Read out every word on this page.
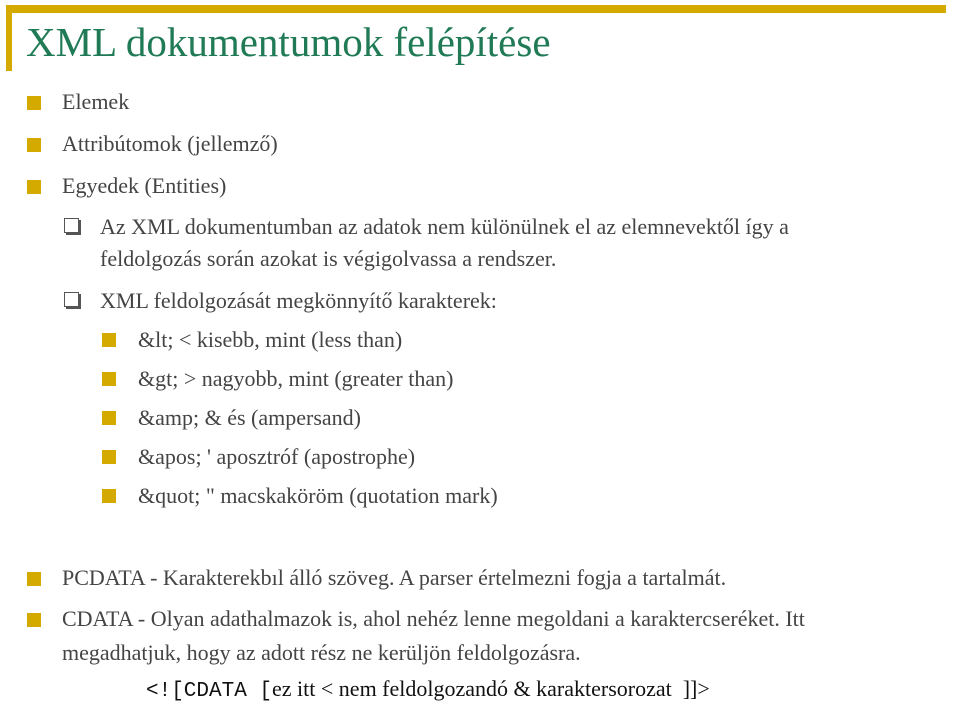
XML dokumentumok felépítése
Elemek
Attribútomok (jellemző)
Egyedek (Entities)
Az XML dokumentumban az adatok nem különülnek el az elemnevektől így a
feldolgozás során azokat is végigolvassa a rendszer.
XML feldolgozását megkönnyítő karakterek:
&lt; < kisebb, mint (less than)
&gt; > nagyobb, mint (greater than)
&amp; & és (ampersand)
&apos; ' aposztróf (apostrophe)
&quot; " macskaköröm (quotation mark)
PCDATA - Karakterekbıl álló szöveg. A parser értelmezni fogja a tartalmát.
CDATA - Olyan adathalmazok is, ahol nehéz lenne megoldani a karaktercseréket. Itt
megadhatjuk, hogy az adott rész ne kerüljön feldolgozásra.
<![CDATA [ez itt < nem feldolgozandó & karaktersorozat ]]>
